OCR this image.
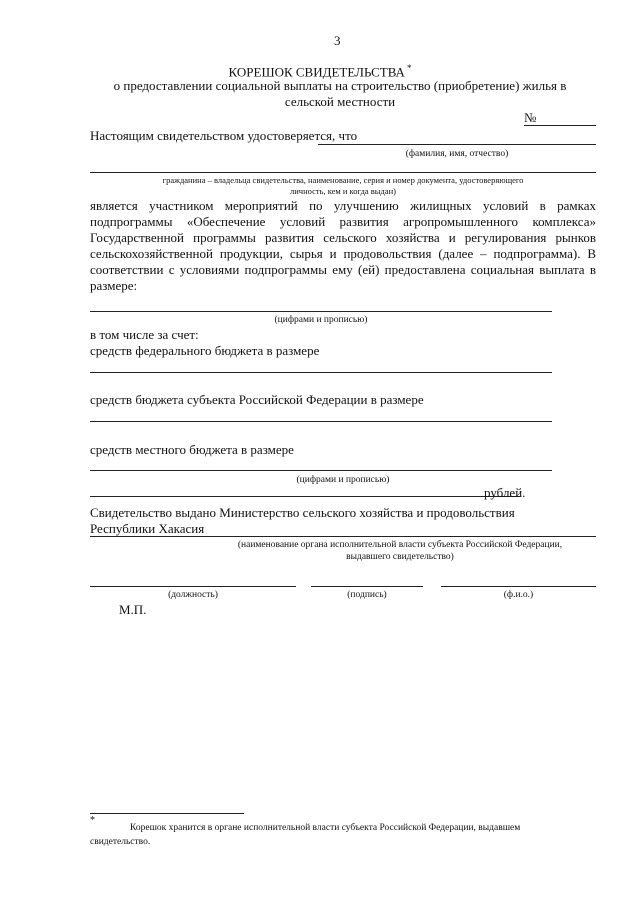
3
КОРЕШОК СВИДЕТЕЛЬСТВА *
о предоставлении социальной выплаты на строительство (приобретение) жилья в
сельской местности
№
Настоящим свидетельством удостоверяется, что
(фамилия, имя, отчество)
гражданина – владельца свидетельства, наименование, серия и номер документа, удостоверяющего
личность, кем и когда выдан)
является участником мероприятий по улучшению жилищных условий в рамках подпрограммы «Обеспечение условий развития агропромышленного комплекса» Государственной программы развития сельского хозяйства и регулирования рынков сельскохозяйственной продукции, сырья и продовольствия (далее – подпрограмма). В соответствии с условиями подпрограммы ему (ей) предоставлена социальная выплата в размере:
(цифрами и прописью)
в том числе за счет:
средств федерального бюджета в размере
средств бюджета субъекта Российской Федерации в размере
средств местного бюджета в размере
(цифрами и прописью)
рублей.
Свидетельство выдано Министерство сельского хозяйства и продовольствия
Республики Хакасия
(наименование органа исполнительной власти субъекта Российской Федерации,
выдавшего свидетельство)
(должность)	(подпись)	(ф.и.о.)
М.П.
*
Корешок хранится в органе исполнительной власти субъекта Российской Федерации, выдавшем
свидетельство.
